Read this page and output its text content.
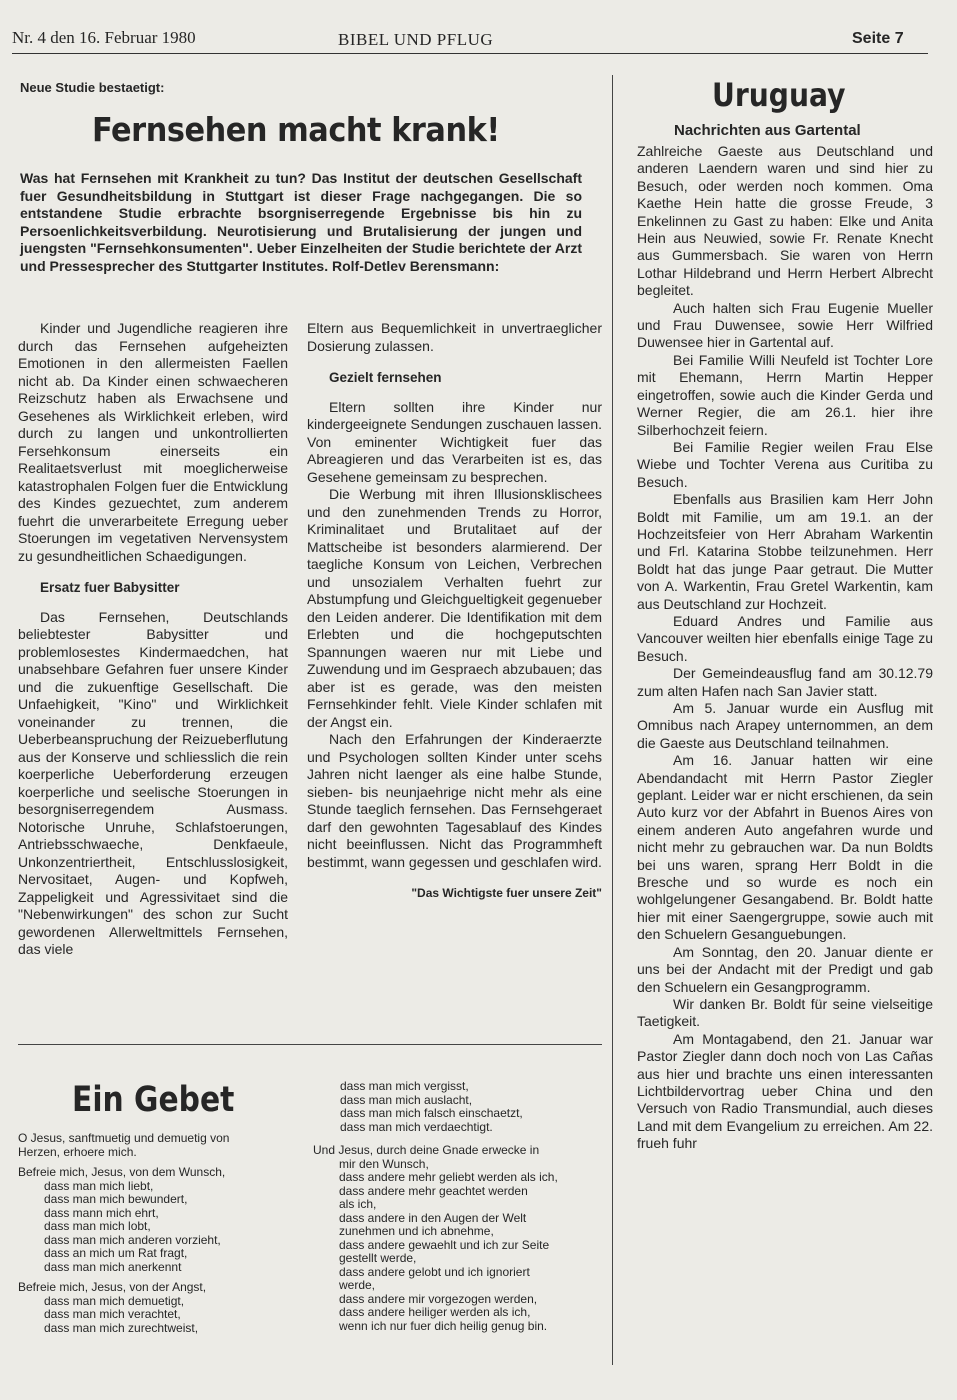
Nr. 4 den 16. Februar 1980	BIBEL UND PFLUG	Seite 7
Neue Studie bestaetigt:
Fernsehen macht krank!
Was hat Fernsehen mit Krankheit zu tun? Das Institut der deutschen Gesellschaft fuer Gesundheitsbildung in Stuttgart ist dieser Frage nachgegangen. Die so entstandene Studie erbrachte bsorgniserregende Ergebnisse bis hin zu Persoenlichkeitsverbildung. Neurotisierung und Brutalisierung der jungen und juengsten "Fernsehkonsumenten". Ueber Einzelheiten der Studie berichtete der Arzt und Pressesprecher des Stuttgarter Institutes. Rolf-Detlev Berensmann:

Kinder und Jugendliche reagieren ihre durch das Fernsehen aufgeheizten Emotionen in den allermeisten Faellen nicht ab. Da Kinder einen schwaecheren Reizschutz haben als Erwachsene und Gesehenes als Wirklichkeit erleben, wird durch zu langen und unkontrollierten Fersehkonsum einerseits ein Realitaetsverlust mit moeglicherweise katastrophalen Folgen fuer die Entwicklung des Kindes gezuechtet, zum anderem fuehrt die unverarbeitete Erregung ueber Stoerungen im vegetativen Nervensystem zu gesundheitlichen Schaedigungen.

Ersatz fuer Babysitter

Das Fernsehen, Deutschlands beliebtester Babysitter und problemlosestes Kindermaedchen, hat unabsehbare Gefahren fuer unsere Kinder und die zukuenftige Gesellschaft. Die Unfaehigkeit, "Kino" und Wirklichkeit voneinander zu trennen, die Ueberbeanspruchung der Reizueberflutung aus der Konserve und schliesslich die rein koerperliche Ueberforderung erzeugen koerperliche und seelische Stoerungen in besorgniserregendem Ausmass. Notorische Unruhe, Schlafstoerungen, Antriebsschwaeche, Denkfaeule, Unkonzentriertheit, Entschlusslosigkeit, Nervositaet, Augen- und Kopfweh, Zappeligkeit und Agressivitaet sind die "Nebenwirkungen" des schon zur Sucht gewordenen Allerweltmittels Fernsehen, das viele

Eltern aus Bequemlichkeit in unvertraeglicher Dosierung zulassen.

Gezielt fernsehen

Eltern sollten ihre Kinder nur kindergeeignete Sendungen zuschauen lassen. Von eminenter Wichtigkeit fuer das Abreagieren und das Verarbeiten ist es, das Gesehene gemeinsam zu besprechen.

Die Werbung mit ihren Illusionsklischees und den zunehmenden Trends zu Horror, Kriminalitaet und Brutalitaet auf der Mattscheibe ist besonders alarmierend. Der taegliche Konsum von Leichen, Verbrechen und unsozialem Verhalten fuehrt zur Abstumpfung und Gleichgueltigkeit gegenueber den Leiden anderer. Die Identifikation mit dem Erlebten und die hochgeputschten Spannungen waeren nur mit Liebe und Zuwendung und im Gespraech abzubauen; das aber ist es gerade, was den meisten Fernsehkinder fehlt. Viele Kinder schlafen mit der Angst ein.

Nach den Erfahrungen der Kinderaerzte und Psychologen sollten Kinder unter scehs Jahren nicht laenger als eine halbe Stunde, sieben- bis neunjaehrige nicht mehr als eine Stunde taeglich fernsehen. Das Fernsehgeraet darf den gewohnten Tagesablauf des Kindes nicht beeinflussen. Nicht das Programmheft bestimmt, wann gegessen und geschlafen wird.

"Das Wichtigste fuer unsere Zeit"

Ein Gebet
O Jesus, sanftmuetig und demuetig von
Herzen, erhoere mich.
Befreie mich, Jesus, von dem Wunsch,
dass man mich liebt,
dass man mich bewundert,
dass mann mich ehrt,
dass man mich lobt,
dass man mich anderen vorzieht,
dass an mich um Rat fragt,
dass man mich anerkennt
Befreie mich, Jesus, von der Angst,
dass man mich demuetigt,
dass man mich verachtet,
dass man mich zurechtweist,
dass man mich vergisst,
dass man mich auslacht,
dass man mich falsch einschaetzt,
dass man mich verdaechtigt.
Und Jesus, durch deine Gnade erwecke in
mir den Wunsch,
dass andere mehr geliebt werden als ich,
dass andere mehr geachtet werden
als ich,
dass andere in den Augen der Welt
zunehmen und ich abnehme,
dass andere gewaehlt und ich zur Seite
gestellt werde,
dass andere gelobt und ich ignoriert
werde,
dass andere mir vorgezogen werden,
dass andere heiliger werden als ich,
wenn ich nur fuer dich heilig genug bin.
Uruguay
Nachrichten aus Gartental

Zahlreiche Gaeste aus Deutschland und anderen Laendern waren und sind hier zu Besuch, oder werden noch kommen. Oma Kaethe Hein hatte die grosse Freude, 3 Enkelinnen zu Gast zu haben: Elke und Anita Hein aus Neuwied, sowie Fr. Renate Knecht aus Gummersbach. Sie waren von Herrn Lothar Hildebrand und Herrn Herbert Albrecht begleitet.

Auch halten sich Frau Eugenie Mueller und Frau Duwensee, sowie Herr Wilfried Duwensee hier in Gartental auf.

Bei Familie Willi Neufeld ist Tochter Lore mit Ehemann, Herrn Martin Hepper eingetroffen, sowie auch die Kinder Gerda und Werner Regier, die am 26.1. hier ihre Silberhochzeit feiern.

Bei Familie Regier weilen Frau Else Wiebe und Tochter Verena aus Curitiba zu Besuch.

Ebenfalls aus Brasilien kam Herr John Boldt mit Familie, um am 19.1. an der Hochzeitsfeier von Herr Abraham Warkentin und Frl. Katarina Stobbe teilzunehmen. Herr Boldt hat das junge Paar getraut. Die Mutter von A. Warkentin, Frau Gretel Warkentin, kam aus Deutschland zur Hochzeit.

Eduard Andres und Familie aus Vancouver weilten hier ebenfalls einige Tage zu Besuch.

Der Gemeindeausflug fand am 30.12.79 zum alten Hafen nach San Javier statt.

Am 5. Januar wurde ein Ausflug mit Omnibus nach Arapey unternommen, an dem die Gaeste aus Deutschland teilnahmen.

Am 16. Januar hatten wir eine Abendandacht mit Herrn Pastor Ziegler geplant. Leider war er nicht erschienen, da sein Auto kurz vor der Abfahrt in Buenos Aires von einem anderen Auto angefahren wurde und nicht mehr zu gebrauchen war. Da nun Boldts bei uns waren, sprang Herr Boldt in die Bresche und so wurde es noch ein wohlgelungener Gesangabend. Br. Boldt hatte hier mit einer Saengergruppe, sowie auch mit den Schuelern Gesanguebungen.

Am Sonntag, den 20. Januar diente er uns bei der Andacht mit der Predigt und gab den Schuelern ein Gesangprogramm.

Wir danken Br. Boldt für seine vielseitige Taetigkeit.

Am Montagabend, den 21. Januar war Pastor Ziegler dann doch noch von Las Cañas aus hier und brachte uns einen interessanten Lichtbildervortrag ueber China und den Versuch von Radio Transmundial, auch dieses Land mit dem Evangelium zu erreichen. Am 22. frueh fuhr
